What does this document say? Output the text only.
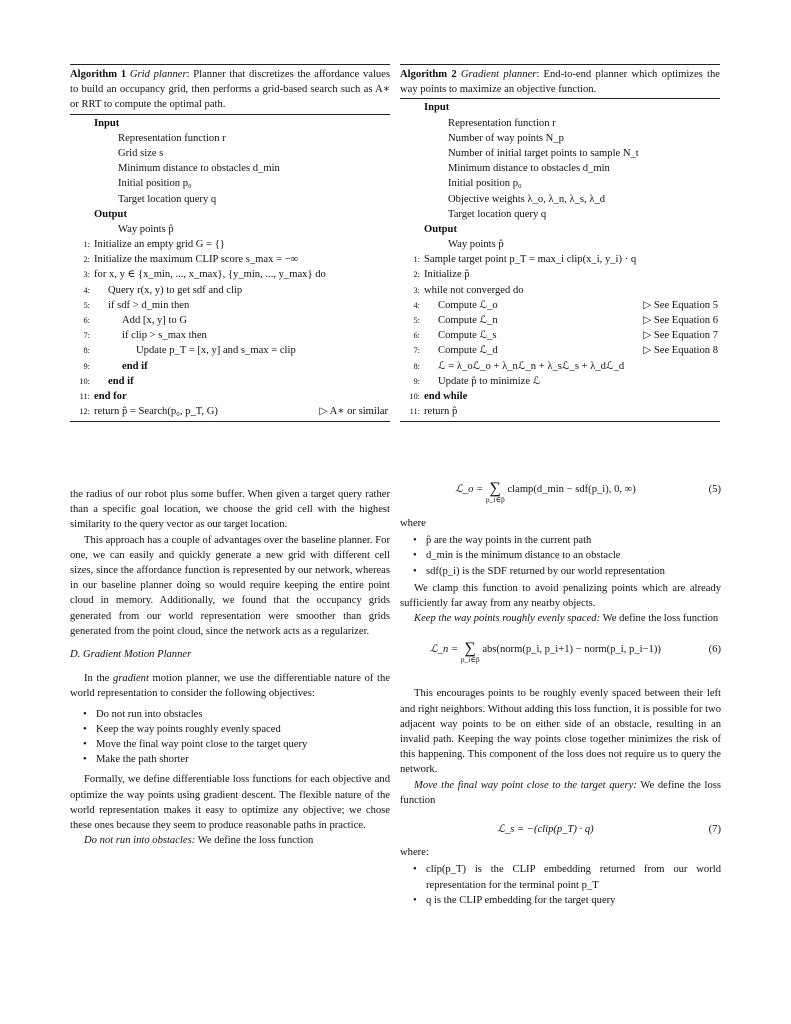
Algorithm 1 Grid planner: Planner that discretizes the affordance values to build an occupancy grid, then performs a grid-based search such as A∗ or RRT to compute the optimal path.
Input
Representation function r
Grid size s
Minimum distance to obstacles d_min
Initial position p₀
Target location query q
Output
Way points p̂
1: Initialize an empty grid G = {}
2: Initialize the maximum CLIP score s_max = −∞
3: for x, y ∈ {x_min, ..., x_max}, {y_min, ..., y_max} do
4:	Query r(x, y) to get sdf and clip
5:	if sdf > d_min then
6:	Add [x, y] to G
7:	if clip > s_max then
8:	Update p_T = [x, y] and s_max = clip
9:	end if
10:	end if
11: end for
12: return p̂ = Search(p₀, p_T, G)	▷ A∗ or similar
Algorithm 2 Gradient planner: End-to-end planner which optimizes the way points to maximize an objective function.
Input
Representation function r
Number of way points N_p
Number of initial target points to sample N_t
Minimum distance to obstacles d_min
Initial position p₀
Objective weights λ_o, λ_n, λ_s, λ_d
Target location query q
Output
Way points p̂
1: Sample target point p_T = max_i clip(x_i, y_i) · q
2: Initialize p̂
3: while not converged do
4:	Compute ℒ_o	▷ See Equation 5
5:	Compute ℒ_n	▷ See Equation 6
6:	Compute ℒ_s	▷ See Equation 7
7:	Compute ℒ_d	▷ See Equation 8
8:	ℒ = λ_oℒ_o + λ_nℒ_n + λ_sℒ_s + λ_dℒ_d
9:	Update p̂ to minimize ℒ
10: end while
11: return p̂

the radius of our robot plus some buffer. When given a target query rather than a specific goal location, we choose the grid cell with the highest similarity to the query vector as our target location.

This approach has a couple of advantages over the baseline planner. For one, we can easily and quickly generate a new grid with different cell sizes, since the affordance function is represented by our network, whereas in our baseline planner doing so would require keeping the entire point cloud in memory. Additionally, we found that the occupancy grids generated from our world representation were smoother than grids generated from the point cloud, since the network acts as a regularizer.

D. Gradient Motion Planner

In the gradient motion planner, we use the differentiable nature of the world representation to consider the following objectives:

• Do not run into obstacles
• Keep the way points roughly evenly spaced
• Move the final way point close to the target query
• Make the path shorter

Formally, we define differentiable loss functions for each objective and optimize the way points using gradient descent. The flexible nature of the world representation makes it easy to optimize any objective; we chose these ones because they seem to produce reasonable paths in practice.

Do not run into obstacles: We define the loss function

ℒ_o = ∑
p_i∈p̂
clamp(d_min − sdf(p_i), 0, ∞)	(5)

where

• p̂ are the way points in the current path
• d_min is the minimum distance to an obstacle
• sdf(p_i) is the SDF returned by our world representation

We clamp this function to avoid penalizing points which are already sufficiently far away from any nearby objects.

Keep the way points roughly evenly spaced: We define the loss function

ℒ_n = ∑
p_i∈p̂
abs(norm(p_i, p_i+1) − norm(p_i, p_i−1))	(6)

This encourages points to be roughly evenly spaced between their left and right neighbors. Without adding this loss function, it is possible for two adjacent way points to be on either side of an obstacle, resulting in an invalid path. Keeping the way points close together minimizes the risk of this happening. This component of the loss does not require us to query the network.

Move the final way point close to the target query: We define the loss function

ℒ_s = −(clip(p_T) · q)	(7)

where:

• clip(p_T) is the CLIP embedding returned from our world representation for the terminal point p_T
• q is the CLIP embedding for the target query
